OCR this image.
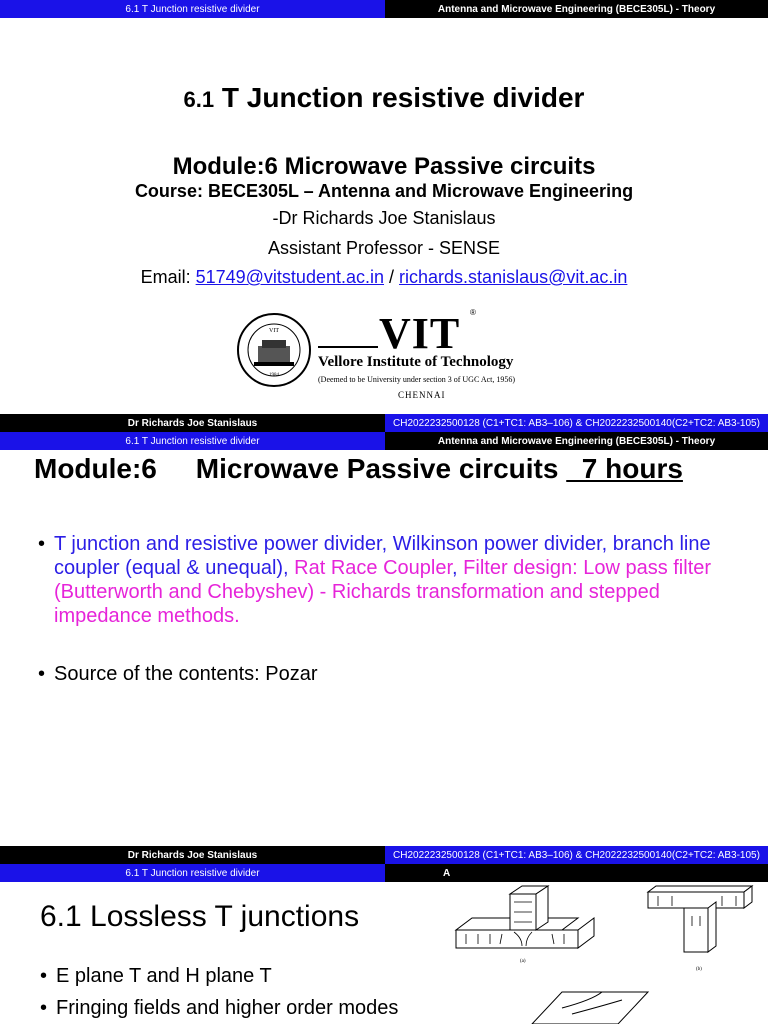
6.1 T Junction resistive divider	Antenna and Microwave Engineering (BECE305L) - Theory
6.1 T Junction resistive divider
Module:6 Microwave Passive circuits
Course: BECE305L – Antenna and Microwave Engineering
-Dr Richards Joe Stanislaus
Assistant Professor - SENSE
Email: 51749@vitstudent.ac.in / richards.stanislaus@vit.ac.in
VIT
1984
VIT ®
Vellore Institute of Technology
(Deemed to be University under section 3 of UGC Act, 1956)
CHENNAI
Dr Richards Joe Stanislaus	CH2022232500128 (C1+TC1: AB3–106) & CH2022232500140(C2+TC2: AB3-105)
6.1 T Junction resistive divider	Antenna and Microwave Engineering (BECE305L) - Theory
Module:6     Microwave Passive circuits   7 hours
• T junction and resistive power divider, Wilkinson power divider, branch line coupler (equal & unequal), Rat Race Coupler, Filter design: Low pass filter (Butterworth and Chebyshev) - Richards transformation and stepped impedance methods.
• Source of the contents: Pozar
Dr Richards Joe Stanislaus	CH2022232500128 (C1+TC1: AB3–106) & CH2022232500140(C2+TC2: AB3-105)
6.1 T Junction resistive divider	A
6.1 Lossless T junctions
• E plane T and H plane T
• Fringing fields and higher order modes
(a)
(b)
